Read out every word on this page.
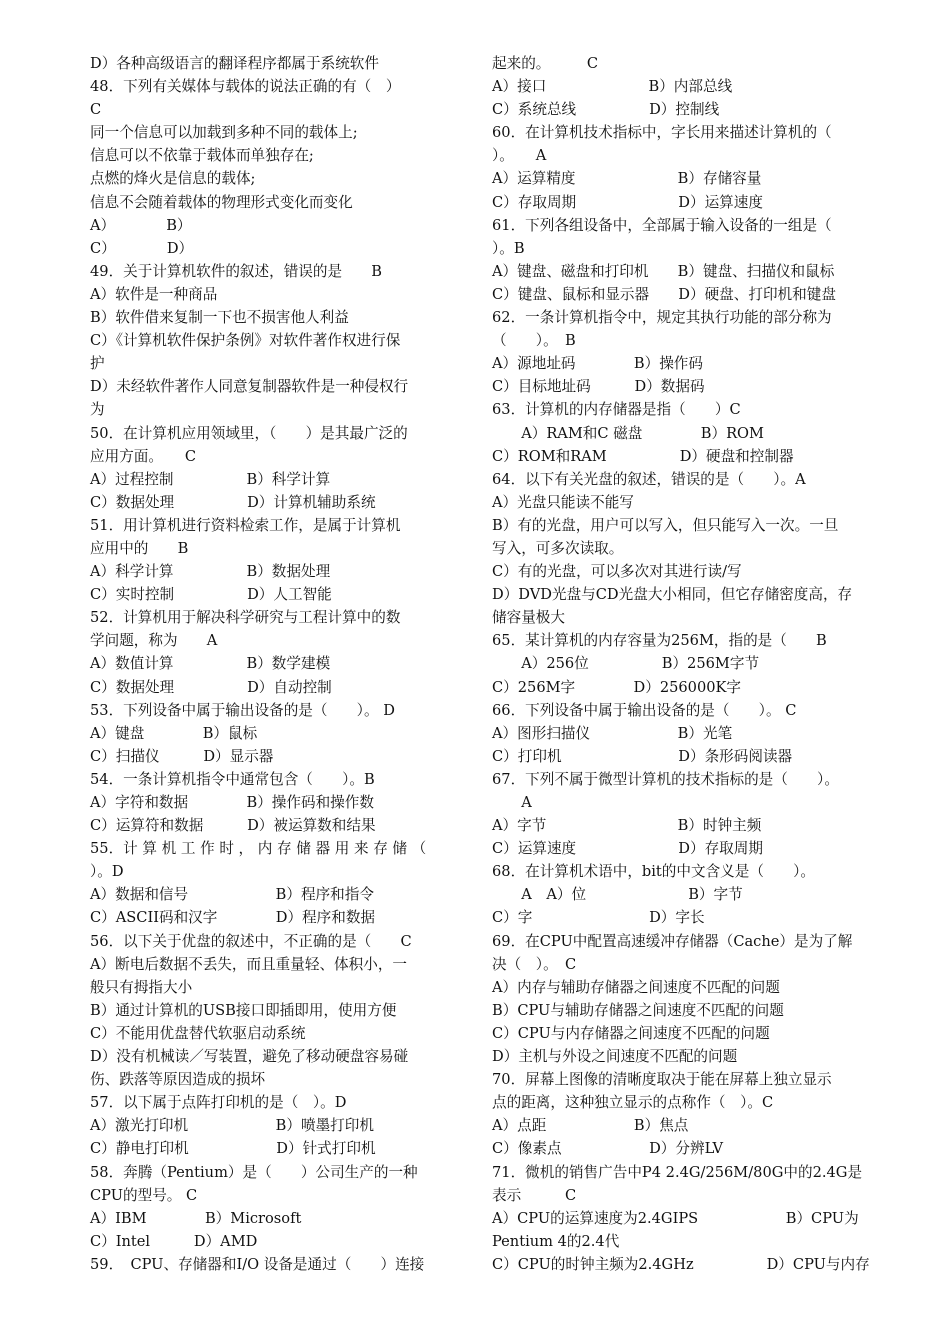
D）各种高级语言的翻译程序都属于系统软件
48．下列有关媒体与载体的说法正确的有（　）
C
同一个信息可以加载到多种不同的载体上;
信息可以不依靠于载体而单独存在;
点燃的烽火是信息的载体;
信息不会随着载体的物理形式变化而变化
A）　　　　B）
C）　　　　D）
49．关于计算机软件的叙述，错误的是　　B
A）软件是一种商品
B）软件借来复制一下也不损害他人利益
C）《计算机软件保护条例》对软件著作权进行保
护
D）未经软件著作人同意复制器软件是一种侵权行
为
50．在计算机应用领域里，（　　）是其最广泛的
应用方面。　　C
A）过程控制　　　　　B）科学计算
C）数据处理　　　　　D）计算机辅助系统
51．用计算机进行资料检索工作，是属于计算机
应用中的　　B
A）科学计算　　　　　B）数据处理
C）实时控制　　　　　D）人工智能
52．计算机用于解决科学研究与工程计算中的数
学问题，称为　　A
A）数值计算　　　　　B）数学建模
C）数据处理　　　　　D）自动控制
53．下列设备中属于输出设备的是（　　）。 D
A）键盘　　　　B）鼠标
C）扫描仪　　　D）显示器
54．一条计算机指令中通常包含（　　）。B
A）字符和数据　　　　B）操作码和操作数
C）运算符和数据　　　D）被运算数和结果
55．计 算 机 工 作 时 ， 内 存 储 器 用 来 存 储 （
）。D
A）数据和信号　　　　　　B）程序和指令
C）ASCII码和汉字　　　　D）程序和数据
56．以下关于优盘的叙述中，不正确的是（　　C
A）断电后数据不丢失，而且重量轻、体积小，一
般只有拇指大小
B）通过计算机的USB接口即插即用，使用方便
C）不能用优盘替代软驱启动系统
D）没有机械读／写装置，避免了移动硬盘容易碰
伤、跌落等原因造成的损坏
57．以下属于点阵打印机的是（　）。D
A）激光打印机　　　　　　B）喷墨打印机
C）静电打印机　　　　　　D）针式打印机
58．奔腾（Pentium）是（　　）公司生产的一种
CPU的型号。 C
A）IBM　　　　B）Microsoft
C）Intel　　　D）AMD
59．　CPU、存储器和I/O 设备是通过（　　）连接
起来的。　　　C
A）接口　　　　　　　B）内部总线
C）系统总线　　　　　D）控制线
60．在计算机技术指标中，字长用来描述计算机的（
）。　　A
A）运算精度　　　　　　　B）存储容量
C）存取周期　　　　　　　D）运算速度
61．下列各组设备中，全部属于输入设备的一组是（
）。B
A）键盘、磁盘和打印机　　B）键盘、扫描仪和鼠标
C）键盘、鼠标和显示器　　D）硬盘、打印机和键盘
62．一条计算机指令中，规定其执行功能的部分称为
（　　）。　B
A）源地址码　　　　B）操作码
C）目标地址码　　　D）数据码
63．计算机的内存储器是指（　　）C
　　A）RAM和C 磁盘　　　　B）ROM
C）ROM和RAM　　　　　D）硬盘和控制器
64．以下有关光盘的叙述，错误的是（　　）。A
A）光盘只能读不能写
B）有的光盘，用户可以写入，但只能写入一次。一旦
写入，可多次读取。
C）有的光盘，可以多次对其进行读/写
D）DVD光盘与CD光盘大小相同，但它存储密度高，存
储容量极大
65．某计算机的内存容量为256M，指的是（　　B
　　A）256位　　　　　B）256M字节
C）256M字　　　　D）256000K字
66．下列设备中属于输出设备的是（　　）。 C
A）图形扫描仪　　　　　　B）光笔
C）打印机　　　　　　　　D）条形码阅读器
67．下列不属于微型计算机的技术指标的是（　　）。
　　A
A）字节　　　　　　　　　B）时钟主频
C）运算速度　　　　　　　D）存取周期
68．在计算机术语中，bit的中文含义是（　　）。
　　A　A）位　　　　　　　B）字节
C）字　　　　　　　　D）字长
69．在CPU中配置高速缓冲存储器（Cache）是为了解
决（　）。　C
A）内存与辅助存储器之间速度不匹配的问题
B）CPU与辅助存储器之间速度不匹配的问题
C）CPU与内存储器之间速度不匹配的问题
D）主机与外设之间速度不匹配的问题
70．屏幕上图像的清晰度取决于能在屏幕上独立显示
点的距离，这种独立显示的点称作（　）。C
A）点距　　　　　　B）焦点
C）像素点　　　　　　D）分辨LV
71．微机的销售广告中P4 2.4G/256M/80G中的2.4G是
表示　　　C
A）CPU的运算速度为2.4GIPS　　　　　　B）CPU为
Pentium 4的2.4代
C）CPU的时钟主频为2.4GHz　　　　　D）CPU与内存
